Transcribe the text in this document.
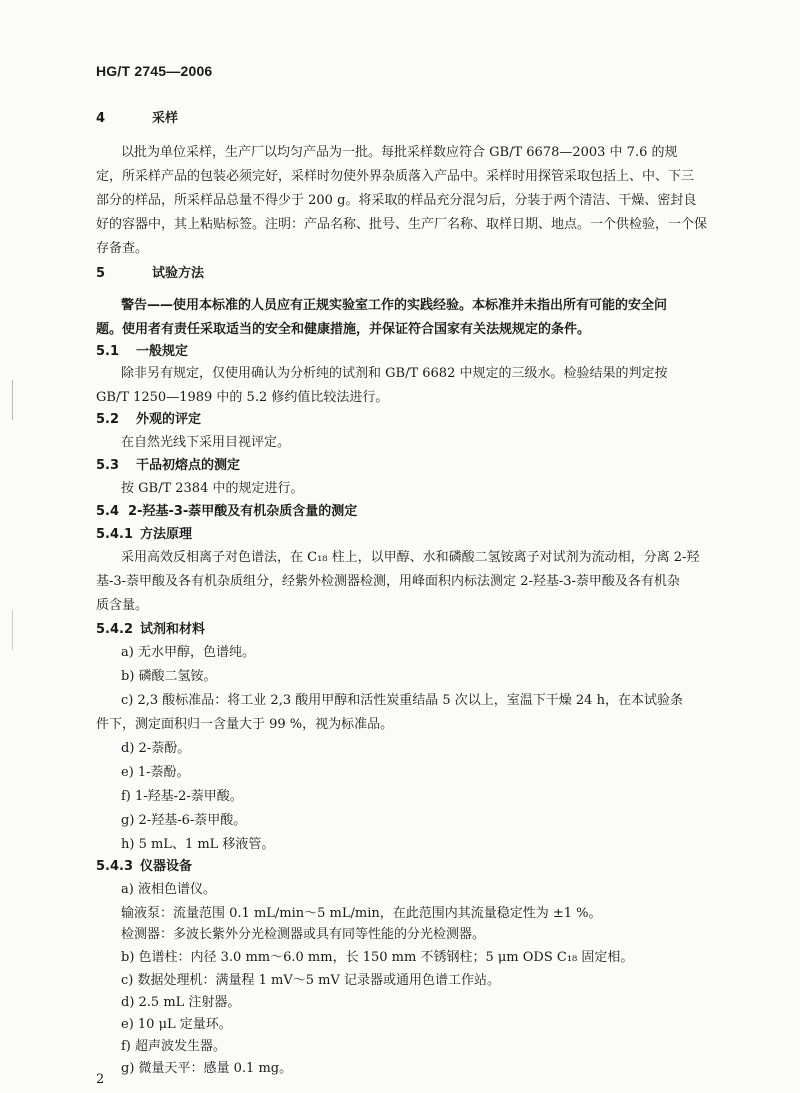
HG/T 2745—2006
4	采样
以批为单位采样，生产厂以均匀产品为一批。每批采样数应符合 GB/T 6678—2003 中 7.6 的规
定，所采样产品的包装必须完好，采样时勿使外界杂质落入产品中。采样时用探管采取包括上、中、下三
部分的样品，所采样品总量不得少于 200 g。将采取的样品充分混匀后，分装于两个清洁、干燥、密封良
好的容器中，其上粘贴标签。注明：产品名称、批号、生产厂名称、取样日期、地点。一个供检验，一个保
存备查。
5	试验方法
警告——使用本标准的人员应有正规实验室工作的实践经验。本标准并未指出所有可能的安全问
题。使用者有责任采取适当的安全和健康措施，并保证符合国家有关法规规定的条件。
5.1 一般规定
除非另有规定，仅使用确认为分析纯的试剂和 GB/T 6682 中规定的三级水。检验结果的判定按
GB/T 1250—1989 中的 5.2 修约值比较法进行。
5.2 外观的评定
在自然光线下采用目视评定。
5.3 干品初熔点的测定
按 GB/T 2384 中的规定进行。
5.4 2-羟基-3-萘甲酸及有机杂质含量的测定
5.4.1 方法原理
采用高效反相离子对色谱法，在 C₁₈ 柱上，以甲醇、水和磷酸二氢铵离子对试剂为流动相，分离 2-羟
基-3-萘甲酸及各有机杂质组分，经紫外检测器检测，用峰面积内标法测定 2-羟基-3-萘甲酸及各有机杂
质含量。
5.4.2 试剂和材料
a) 无水甲醇，色谱纯。
b) 磷酸二氢铵。
c) 2,3 酸标准品：将工业 2,3 酸用甲醇和活性炭重结晶 5 次以上，室温下干燥 24 h，在本试验条
件下，测定面积归一含量大于 99 %，视为标准品。
d) 2-萘酚。
e) 1-萘酚。
f) 1-羟基-2-萘甲酸。
g) 2-羟基-6-萘甲酸。
h) 5 mL、1 mL 移液管。
5.4.3 仪器设备
a) 液相色谱仪。
输液泵：流量范围 0.1 mL/min～5 mL/min，在此范围内其流量稳定性为 ±1 %。
检测器：多波长紫外分光检测器或具有同等性能的分光检测器。
b) 色谱柱：内径 3.0 mm～6.0 mm，长 150 mm 不锈钢柱；5 μm ODS C₁₈ 固定相。
c) 数据处理机：满量程 1 mV～5 mV 记录器或通用色谱工作站。
d) 2.5 mL 注射器。
e) 10 μL 定量环。
f) 超声波发生器。
g) 微量天平：感量 0.1 mg。
2
